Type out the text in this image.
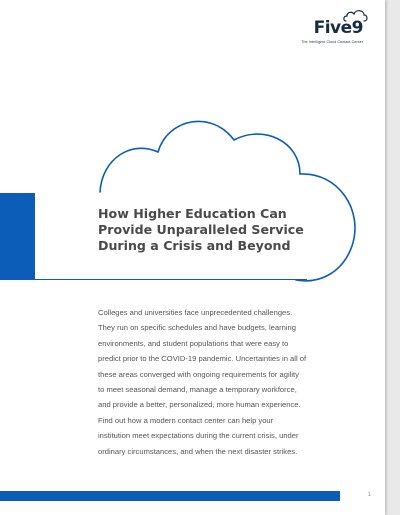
Five9
The Intelligent Cloud Contact Center
How Higher Education Can
Provide Unparalleled Service
During a Crisis and Beyond
Colleges and universities face unprecedented challenges.
They run on specific schedules and have budgets, learning
environments, and student populations that were easy to
predict prior to the COVID-19 pandemic. Uncertainties in all of
these areas converged with ongoing requirements for agility
to meet seasonal demand, manage a temporary workforce,
and provide a better, personalized, more human experience.
Find out how a modern contact center can help your
institution meet expectations during the current crisis, under
ordinary circumstances, and when the next disaster strikes.
1
